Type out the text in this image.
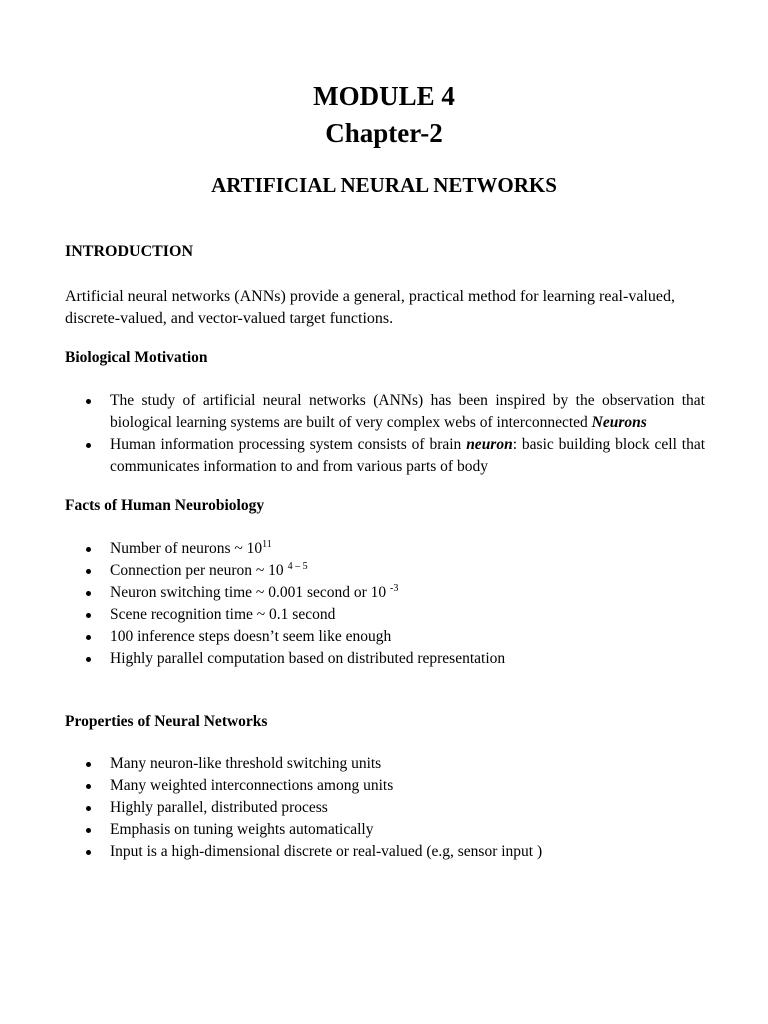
MODULE 4
Chapter-2
ARTIFICIAL NEURAL NETWORKS
INTRODUCTION

Artificial neural networks (ANNs) provide a general, practical method for learning real-valued, discrete-valued, and vector-valued target functions.

Biological Motivation
The study of artificial neural networks (ANNs) has been inspired by the observation that biological learning systems are built of very complex webs of interconnected Neurons
Human information processing system consists of brain neuron: basic building block cell that communicates information to and from various parts of body
Facts of Human Neurobiology
Number of neurons ~ $10^{11}$
Connection per neuron ~ 10 $^{4 - 5}$
Neuron switching time ~ 0.001 second or 10 $^{-3}$
Scene recognition time ~ 0.1 second
100 inference steps doesn’t seem like enough
Highly parallel computation based on distributed representation
Properties of Neural Networks
Many neuron-like threshold switching units
Many weighted interconnections among units
Highly parallel, distributed process
Emphasis on tuning weights automatically
Input is a high-dimensional discrete or real-valued (e.g, sensor input )
